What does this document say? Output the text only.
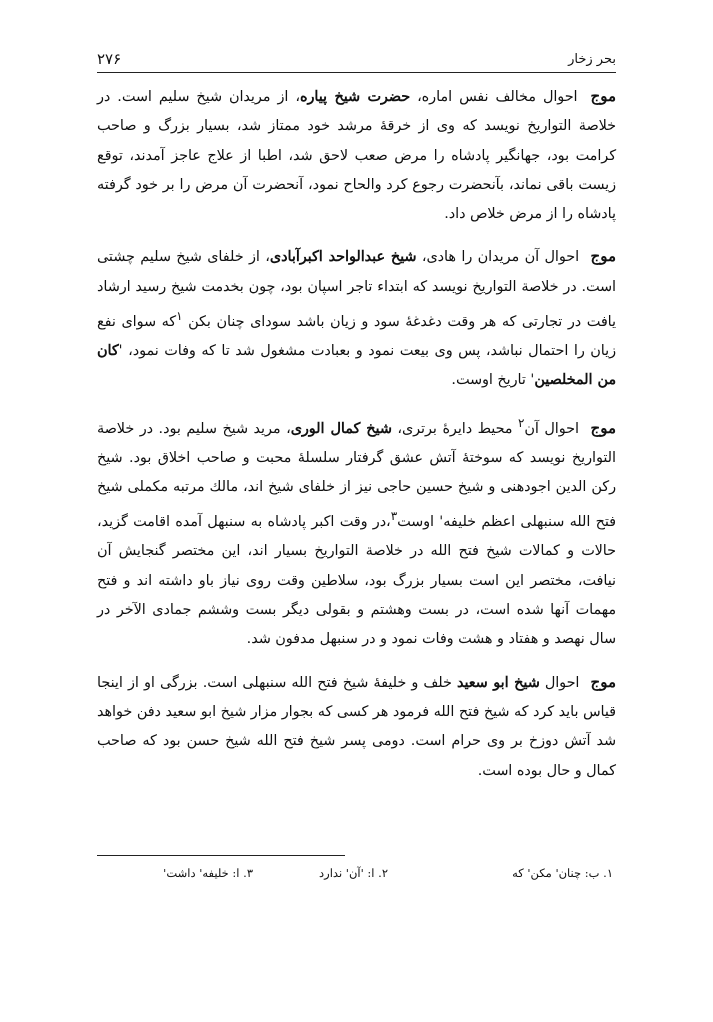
بحر زخار
۲۷۶

موج احوال مخالف نفس اماره، حضرت شیخ پیاره، از مریدان شیخ سلیم است. در خلاصة التواریخ نویسد که وی از خرقهٔ مرشد خود ممتاز شد، بسیار بزرگ و صاحب کرامت بود، جهانگیر پادشاه را مرض صعب لاحق شد، اطبا از علاج عاجز آمدند، توقع زیست باقی نماند، بآنحضرت رجوع کرد والحاح نمود، آنحضرت آن مرض را بر خود گرفته پادشاه را از مرض خلاص داد.

موج احوال آن مریدان را هادی، شیخ عبدالواحد اکبرآبادی، از خلفای شیخ سلیم چشتی است. در خلاصة التواریخ نویسد که ابتداء تاجر اسپان بود، چون بخدمت شیخ رسید ارشاد یافت در تجارتی که هر وقت دغدغهٔ سود و زیان باشد سودای چنان بکن $^۱$که سوای نفع زیان را احتمال نباشد، پس وی بیعت نمود و بعبادت مشغول شد تا که وفات نمود، 'کان من المخلصین' تاریخ اوست.

موج احوال آن$^۲$ محیط دایرهٔ برتری، شیخ کمال الوری، مرید شیخ سلیم بود. در خلاصة التواریخ نویسد که سوختهٔ آتش عشق گرفتار سلسلهٔ محبت و صاحب اخلاق بود. شیخ رکن الدین اجودهنی و شیخ حسین حاجی نیز از خلفای شیخ اند، مالك مرتبه مکملی شیخ فتح الله سنبهلی اعظم خلیفه' اوست$^۳$،در وقت اکبر پادشاه به سنبهل آمده اقامت گزید، حالات و کمالات شیخ فتح الله در خلاصة التواریخ بسیار اند، این مختصر گنجایش آن نیافت، مختصر این است بسیار بزرگ بود، سلاطین وقت روی نیاز باو داشته اند و فتح مهمات آنها شده است، در بست وهشتم و بقولی دیگر بست وششم جمادی الآخر در سال نهصد و هفتاد و هشت وفات نمود و در سنبهل مدفون شد.

موج احوال شیخ ابو سعید خلف و خلیفهٔ شیخ فتح الله سنبهلی است. بزرگی او از اینجا قیاس باید کرد که شیخ فتح الله فرمود هر کسی که بجوار مزار شیخ ابو سعید دفن خواهد شد آتش دوزخ بر وی حرام است. دومی پسر شیخ فتح الله شیخ حسن بود که صاحب کمال و حال بوده است.

۱. ب: چنان' مکن' که
۲. ا: 'آن' ندارد
۳. ا: خلیفه' داشت'
